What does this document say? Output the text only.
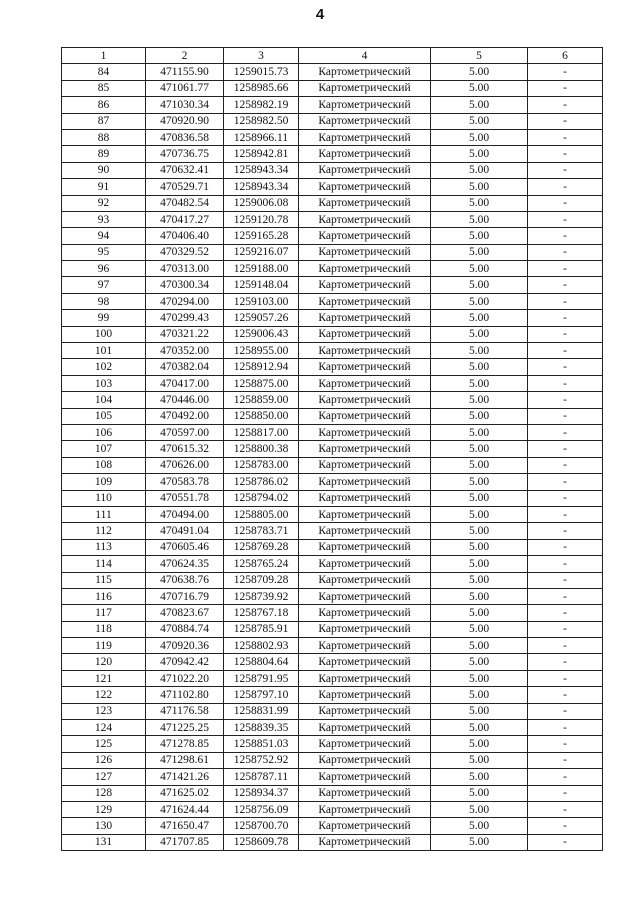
4
1	2	3	4	5	6
84	471155.90	1259015.73	Картометрический	5.00	-
85	471061.77	1258985.66	Картометрический	5.00	-
86	471030.34	1258982.19	Картометрический	5.00	-
87	470920.90	1258982.50	Картометрический	5.00	-
88	470836.58	1258966.11	Картометрический	5.00	-
89	470736.75	1258942.81	Картометрический	5.00	-
90	470632.41	1258943.34	Картометрический	5.00	-
91	470529.71	1258943.34	Картометрический	5.00	-
92	470482.54	1259006.08	Картометрический	5.00	-
93	470417.27	1259120.78	Картометрический	5.00	-
94	470406.40	1259165.28	Картометрический	5.00	-
95	470329.52	1259216.07	Картометрический	5.00	-
96	470313.00	1259188.00	Картометрический	5.00	-
97	470300.34	1259148.04	Картометрический	5.00	-
98	470294.00	1259103.00	Картометрический	5.00	-
99	470299.43	1259057.26	Картометрический	5.00	-
100	470321.22	1259006.43	Картометрический	5.00	-
101	470352.00	1258955.00	Картометрический	5.00	-
102	470382.04	1258912.94	Картометрический	5.00	-
103	470417.00	1258875.00	Картометрический	5.00	-
104	470446.00	1258859.00	Картометрический	5.00	-
105	470492.00	1258850.00	Картометрический	5.00	-
106	470597.00	1258817.00	Картометрический	5.00	-
107	470615.32	1258800.38	Картометрический	5.00	-
108	470626.00	1258783.00	Картометрический	5.00	-
109	470583.78	1258786.02	Картометрический	5.00	-
110	470551.78	1258794.02	Картометрический	5.00	-
111	470494.00	1258805.00	Картометрический	5.00	-
112	470491.04	1258783.71	Картометрический	5.00	-
113	470605.46	1258769.28	Картометрический	5.00	-
114	470624.35	1258765.24	Картометрический	5.00	-
115	470638.76	1258709.28	Картометрический	5.00	-
116	470716.79	1258739.92	Картометрический	5.00	-
117	470823.67	1258767.18	Картометрический	5.00	-
118	470884.74	1258785.91	Картометрический	5.00	-
119	470920.36	1258802.93	Картометрический	5.00	-
120	470942.42	1258804.64	Картометрический	5.00	-
121	471022.20	1258791.95	Картометрический	5.00	-
122	471102.80	1258797.10	Картометрический	5.00	-
123	471176.58	1258831.99	Картометрический	5.00	-
124	471225.25	1258839.35	Картометрический	5.00	-
125	471278.85	1258851.03	Картометрический	5.00	-
126	471298.61	1258752.92	Картометрический	5.00	-
127	471421.26	1258787.11	Картометрический	5.00	-
128	471625.02	1258934.37	Картометрический	5.00	-
129	471624.44	1258756.09	Картометрический	5.00	-
130	471650.47	1258700.70	Картометрический	5.00	-
131	471707.85	1258609.78	Картометрический	5.00	-
